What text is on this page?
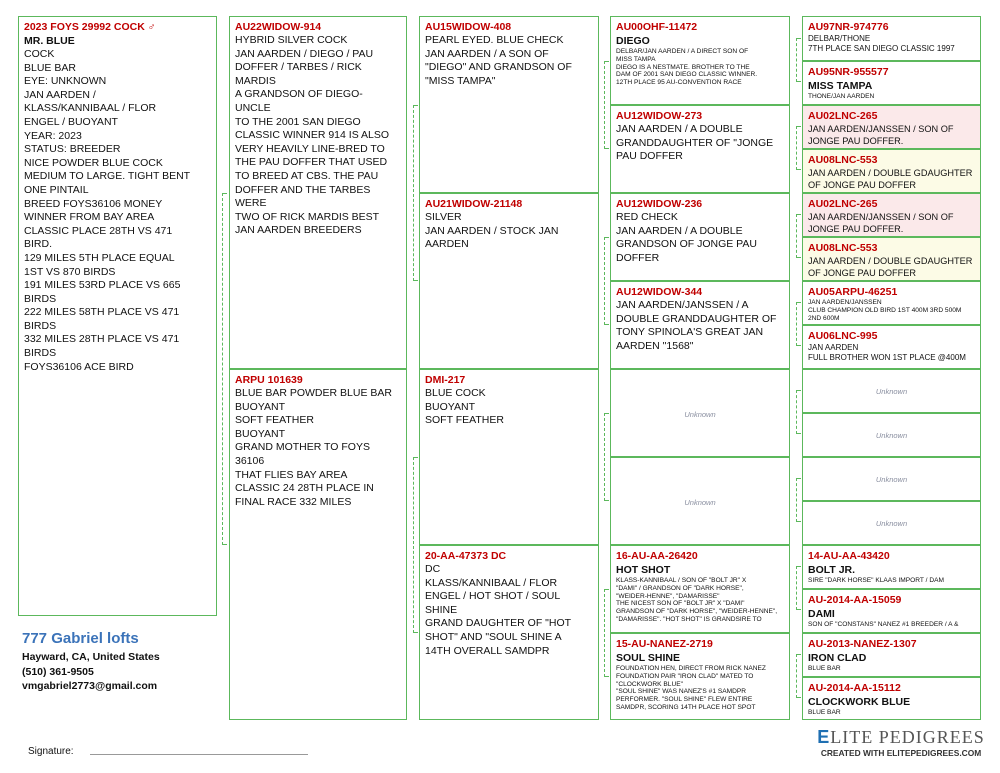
2023 FOYS 29992 COCK ♂
MR. BLUE
COCK
BLUE BAR
EYE: UNKNOWN
JAN AARDEN /
KLASS/KANNIBAAL / FLOR
ENGEL / BUOYANT
YEAR: 2023
STATUS: BREEDER
NICE POWDER BLUE COCK
MEDIUM TO LARGE. TIGHT BENT
ONE PINTAIL
BREED FOYS36106 MONEY
WINNER FROM BAY AREA
CLASSIC PLACE 28TH VS 471
BIRD.
129 MILES 5TH PLACE EQUAL
1ST VS 870 BIRDS
191 MILES 53RD PLACE VS 665
BIRDS
222 MILES 58TH PLACE VS 471
BIRDS
332 MILES 28TH PLACE VS 471
BIRDS
FOYS36106 ACE BIRD
AU22WIDOW-914
HYBRID SILVER COCK
JAN AARDEN / DIEGO / PAU
DOFFER / TARBES / RICK
MARDIS
A GRANDSON OF DIEGO- UNCLE
TO THE 2001 SAN DIEGO
CLASSIC WINNER 914 IS ALSO
VERY HEAVILY LINE-BRED TO
THE PAU DOFFER THAT USED
TO BREED AT CBS. THE PAU
DOFFER AND THE TARBES WERE
TWO OF RICK MARDIS BEST
JAN AARDEN BREEDERS
ARPU 101639
BLUE BAR POWDER BLUE BAR
BUOYANT
SOFT FEATHER
BUOYANT
GRAND MOTHER TO FOYS 36106
THAT FLIES BAY AREA
CLASSIC 24 28TH PLACE IN
FINAL RACE 332 MILES
AU15WIDOW-408
PEARL EYED. BLUE CHECK
JAN AARDEN / A SON OF
"DIEGO" AND GRANDSON OF
"MISS TAMPA"
AU21WIDOW-21148
SILVER
JAN AARDEN / STOCK JAN
AARDEN
DMI-217
BLUE COCK
BUOYANT
SOFT FEATHER
20-AA-47373 DC
DC
KLASS/KANNIBAAL / FLOR
ENGEL / HOT SHOT / SOUL
SHINE
GRAND DAUGHTER OF "HOT
SHOT" AND "SOUL SHINE A
14TH OVERALL SAMDPR
AU00OHF-11472
DIEGO
DELBAR/JAN AARDEN / A DIRECT SON OF
MISS TAMPA
DIEGO IS A NESTMATE. BROTHER TO THE
DAM OF 2001 SAN DIEGO CLASSIC WINNER.
12TH PLACE 95 AU-CONVENTION RACE
AU12WIDOW-273
JAN AARDEN / A DOUBLE
GRANDDAUGHTER OF "JONGE
PAU DOFFER
AU12WIDOW-236
RED CHECK
JAN AARDEN / A DOUBLE
GRANDSON OF JONGE PAU
DOFFER
AU12WIDOW-344
JAN AARDEN/JANSSEN / A
DOUBLE GRANDDAUGHTER OF
TONY SPINOLA'S GREAT JAN
AARDEN "1568"
Unknown
Unknown
16-AU-AA-26420
HOT SHOT
KLASS-KANNIBAAL / SON OF "BOLT JR" X
"DAMI" / GRANDSON OF "DARK HORSE",
"WEIDER-HENNE", "DAMARISSE"
THE NICEST SON OF "BOLT JR" X "DAMI"
GRANDSON OF "DARK HORSE", "WEIDER-HENNE",
"DAMARISSE". "HOT SHOT" IS GRANDSIRE TO
15-AU-NANEZ-2719
SOUL SHINE
FOUNDATION HEN, DIRECT FROM RICK NANEZ
FOUNDATION PAIR "IRON CLAD" MATED TO
"CLOCKWORK BLUE"
"SOUL SHINE" WAS NANEZ'S #1 SAMDPR
PERFORMER. "SOUL SHINE" FLEW ENTIRE
SAMDPR, SCORING 14TH PLACE HOT SPOT
AU97NR-974776
DELBAR/THONE
7TH PLACE SAN DIEGO CLASSIC 1997
AU95NR-955577
MISS TAMPA
THONE/JAN AARDEN
AU02LNC-265
JAN AARDEN/JANSSEN / SON OF
JONGE PAU DOFFER.
AU08LNC-553
JAN AARDEN / DOUBLE GDAUGHTER
OF JONGE PAU DOFFER
AU02LNC-265
JAN AARDEN/JANSSEN / SON OF
JONGE PAU DOFFER.
AU08LNC-553
JAN AARDEN / DOUBLE GDAUGHTER
OF JONGE PAU DOFFER
AU05ARPU-46251
JAN AARDEN/JANSSEN
CLUB CHAMPION OLD BIRD 1ST 400M 3RD 500M
2ND 600M
AU06LNC-995
JAN AARDEN
FULL BROTHER WON 1ST PLACE @400M
Unknown
Unknown
Unknown
Unknown
14-AU-AA-43420
BOLT JR.
SIRE "DARK HORSE" KLAAS IMPORT / DAM
AU-2014-AA-15059
DAMI
SON OF "CONSTANS" NANEZ #1 BREEDER / A &
AU-2013-NANEZ-1307
IRON CLAD
BLUE BAR
AU-2014-AA-15112
CLOCKWORK BLUE
BLUE BAR
777 Gabriel lofts
Hayward, CA, United States
(510) 361-9505
vmgabriel2773@gmail.com
Signature:
ELITE PEDIGREES
CREATED WITH ELITEPEDIGREES.COM
